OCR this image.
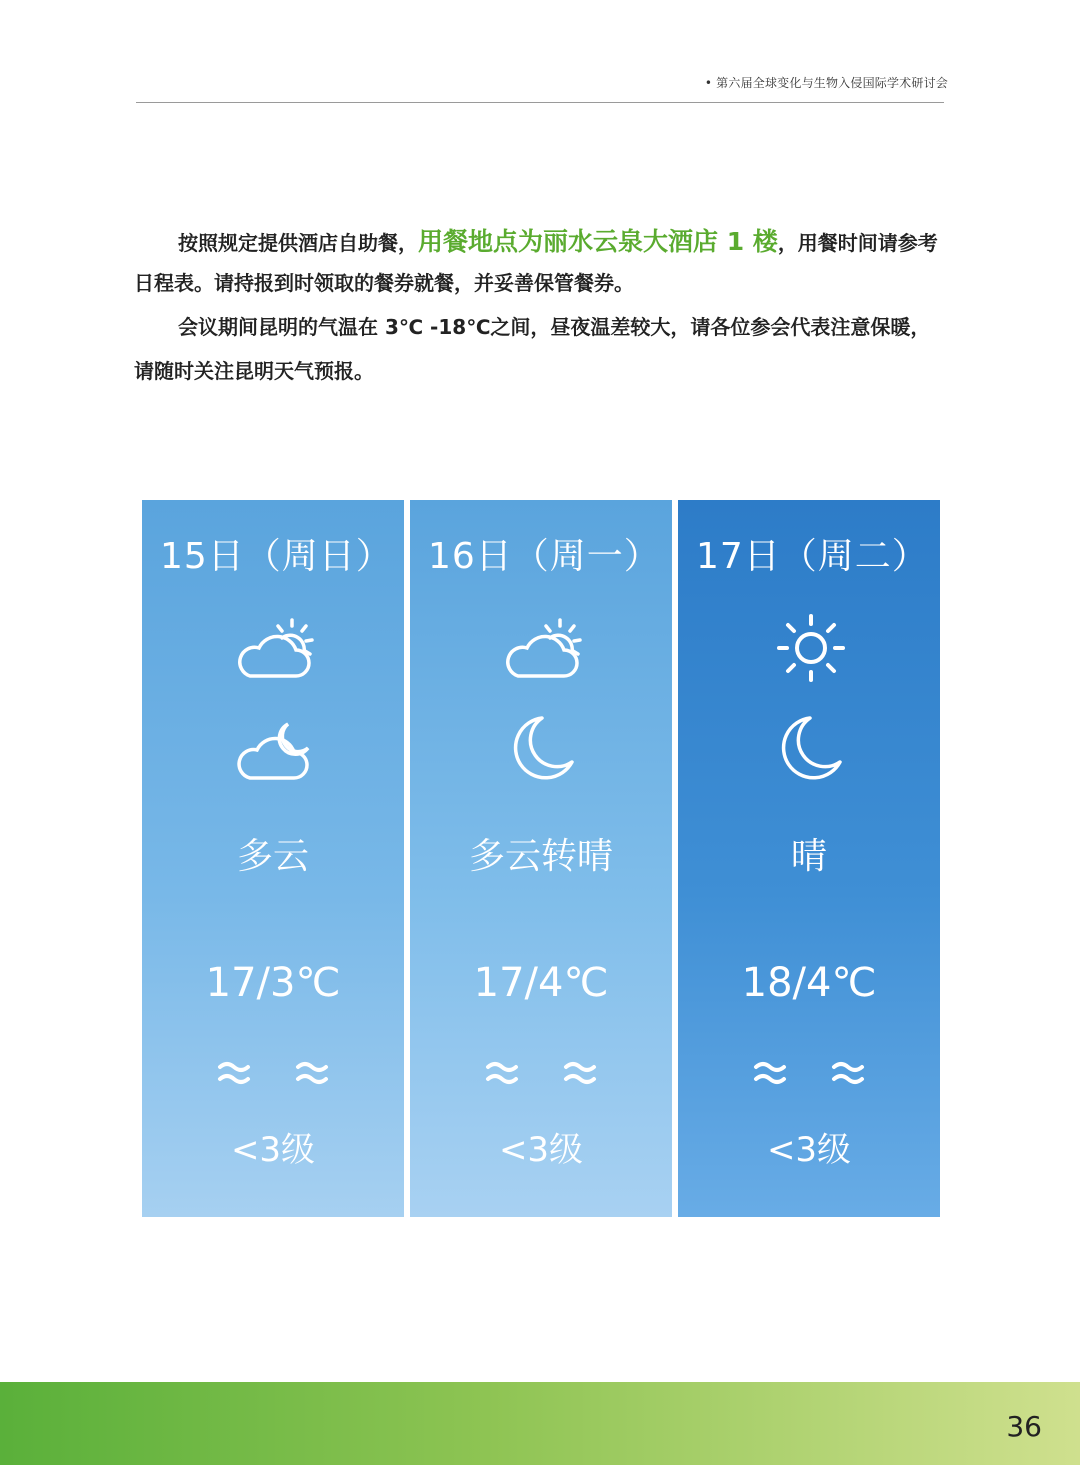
• 第六届全球变化与生物入侵国际学术研讨会

按照规定提供酒店自助餐，用餐地点为丽水云泉大酒店 1 楼，用餐时间请参考日程表。请持报到时领取的餐券就餐，并妥善保管餐券。

会议期间昆明的气温在 3℃ -18℃之间，昼夜温差较大，请各位参会代表注意保暖，请随时关注昆明天气预报。

15日（周日）
多云
17/3℃
<3级
16日（周一）
多云转晴
17/4℃
<3级
17日（周二）
晴
18/4℃
<3级
36
